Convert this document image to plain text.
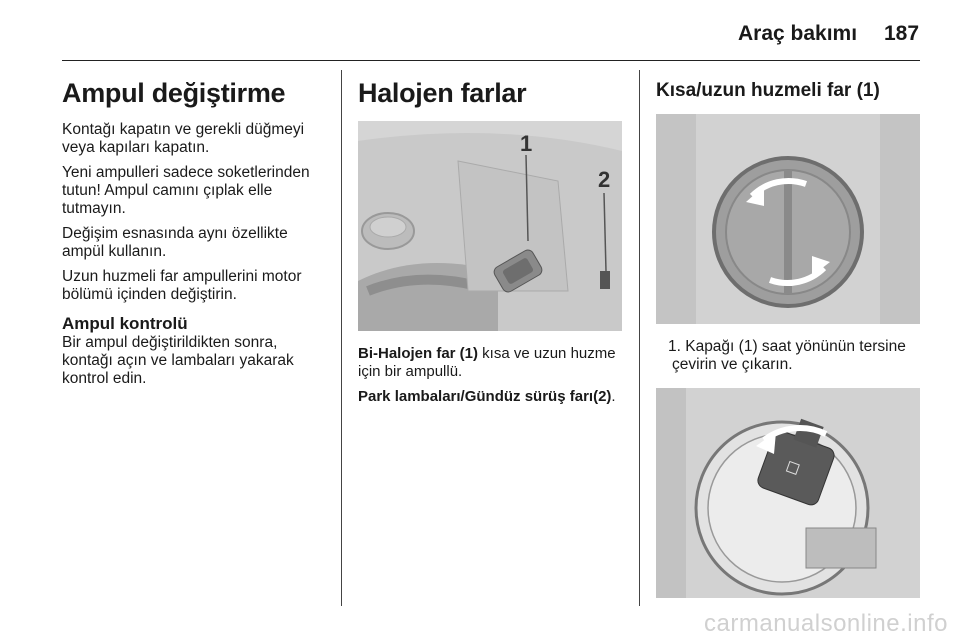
Araç bakımı 187
Ampul değiştirme

Kontağı kapatın ve gerekli düğmeyi veya kapıları kapatın.

Yeni ampulleri sadece soketlerinden tutun! Ampul camını çıplak elle tutmayın.

Değişim esnasında aynı özellikte ampül kullanın.

Uzun huzmeli far ampullerini motor bölümü içinden değiştirin.

Ampul kontrolü

Bir ampul değiştirildikten sonra, kontağı açın ve lambaları yakarak kontrol edin.

Halojen farlar
1
2

Bi-Halojen far (1) kısa ve uzun huzme için bir ampullü.

Park lambaları/Gündüz sürüş farı(2).

Kısa/uzun huzmeli far (1)

1. Kapağı (1) saat yönünün tersine çevirin ve çıkarın.

carmanualsonline.info
